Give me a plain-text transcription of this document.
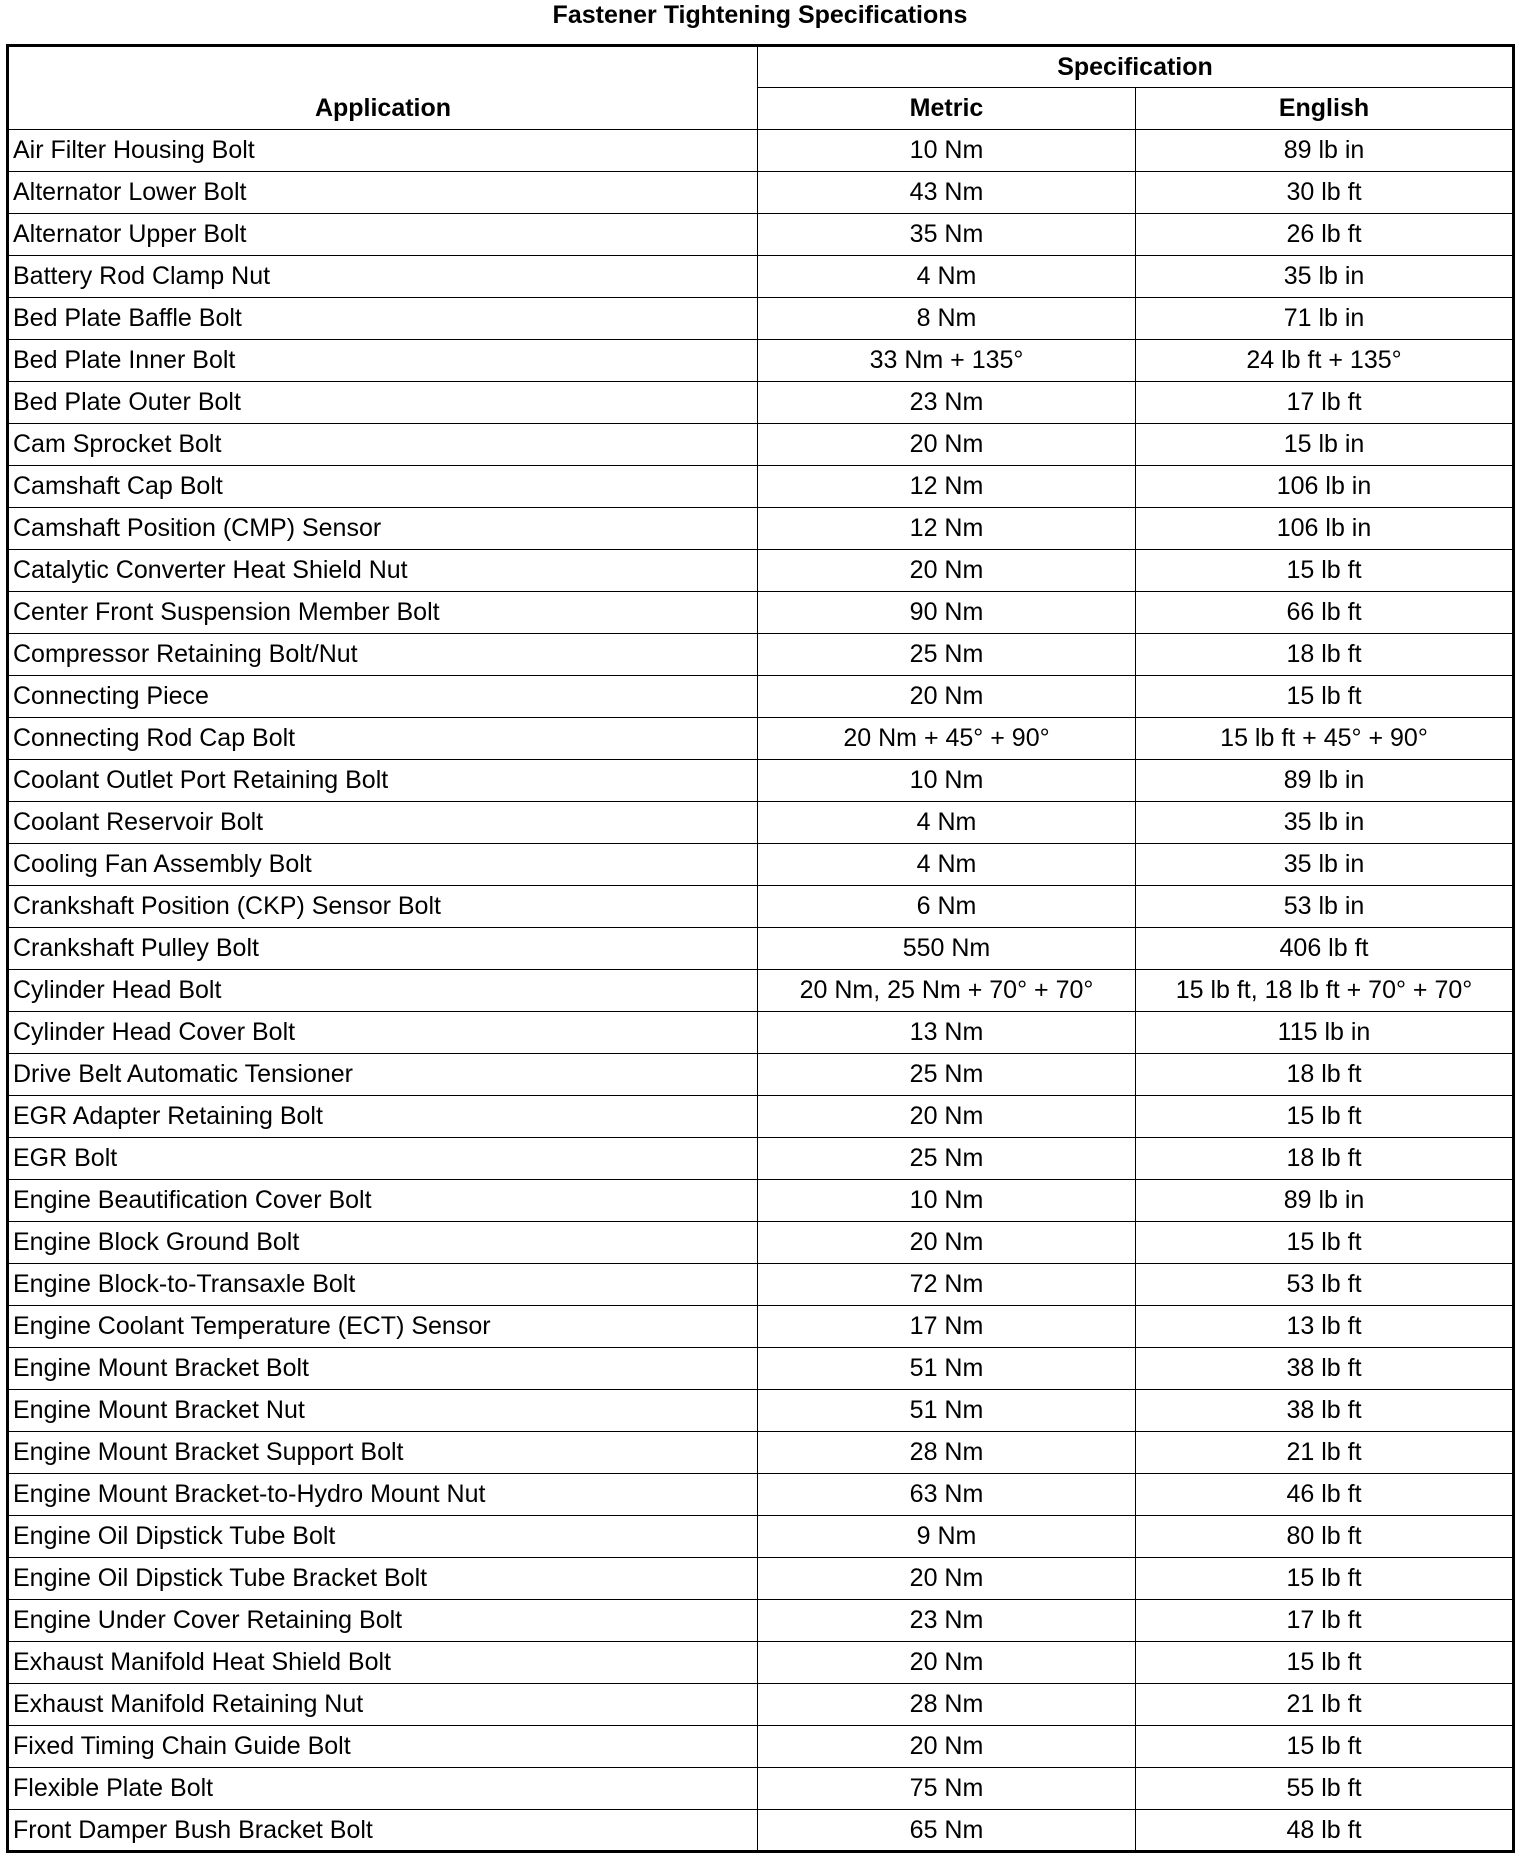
Fastener Tightening Specifications
Application	Specification	
	Metric	English
Air Filter Housing Bolt	10 Nm	89 lb in
Alternator Lower Bolt	43 Nm	30 lb ft
Alternator Upper Bolt	35 Nm	26 lb ft
Battery Rod Clamp Nut	4 Nm	35 lb in
Bed Plate Baffle Bolt	8 Nm	71 lb in
Bed Plate Inner Bolt	33 Nm + 135°	24 lb ft + 135°
Bed Plate Outer Bolt	23 Nm	17 lb ft
Cam Sprocket Bolt	20 Nm	15 lb in
Camshaft Cap Bolt	12 Nm	106 lb in
Camshaft Position (CMP) Sensor	12 Nm	106 lb in
Catalytic Converter Heat Shield Nut	20 Nm	15 lb ft
Center Front Suspension Member Bolt	90 Nm	66 lb ft
Compressor Retaining Bolt/Nut	25 Nm	18 lb ft
Connecting Piece	20 Nm	15 lb ft
Connecting Rod Cap Bolt	20 Nm + 45° + 90°	15 lb ft + 45° + 90°
Coolant Outlet Port Retaining Bolt	10 Nm	89 lb in
Coolant Reservoir Bolt	4 Nm	35 lb in
Cooling Fan Assembly Bolt	4 Nm	35 lb in
Crankshaft Position (CKP) Sensor Bolt	6 Nm	53 lb in
Crankshaft Pulley Bolt	550 Nm	406 lb ft
Cylinder Head Bolt	20 Nm, 25 Nm + 70° + 70°	15 lb ft, 18 lb ft + 70° + 70°
Cylinder Head Cover Bolt	13 Nm	115 lb in
Drive Belt Automatic Tensioner	25 Nm	18 lb ft
EGR Adapter Retaining Bolt	20 Nm	15 lb ft
EGR Bolt	25 Nm	18 lb ft
Engine Beautification Cover Bolt	10 Nm	89 lb in
Engine Block Ground Bolt	20 Nm	15 lb ft
Engine Block-to-Transaxle Bolt	72 Nm	53 lb ft
Engine Coolant Temperature (ECT) Sensor	17 Nm	13 lb ft
Engine Mount Bracket Bolt	51 Nm	38 lb ft
Engine Mount Bracket Nut	51 Nm	38 lb ft
Engine Mount Bracket Support Bolt	28 Nm	21 lb ft
Engine Mount Bracket-to-Hydro Mount Nut	63 Nm	46 lb ft
Engine Oil Dipstick Tube Bolt	9 Nm	80 lb ft
Engine Oil Dipstick Tube Bracket Bolt	20 Nm	15 lb ft
Engine Under Cover Retaining Bolt	23 Nm	17 lb ft
Exhaust Manifold Heat Shield Bolt	20 Nm	15 lb ft
Exhaust Manifold Retaining Nut	28 Nm	21 lb ft
Fixed Timing Chain Guide Bolt	20 Nm	15 lb ft
Flexible Plate Bolt	75 Nm	55 lb ft
Front Damper Bush Bracket Bolt	65 Nm	48 lb ft
